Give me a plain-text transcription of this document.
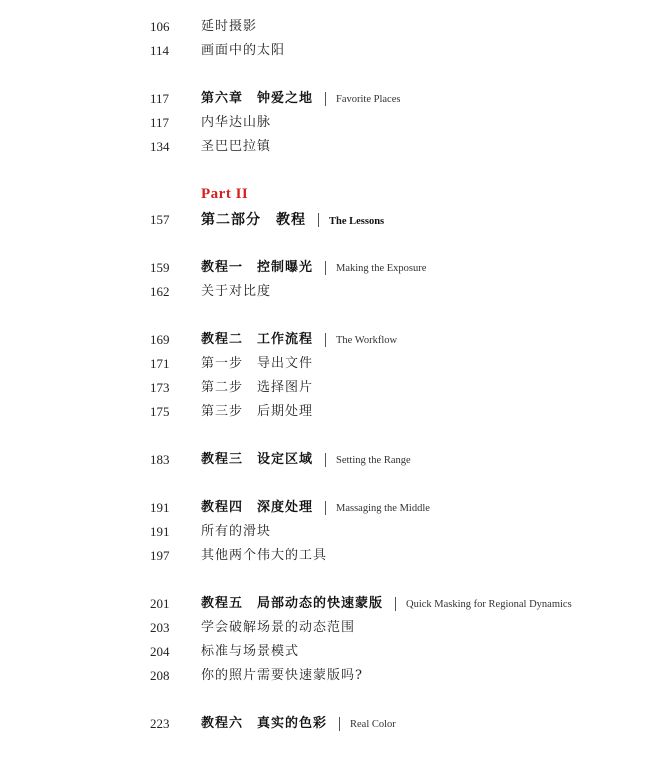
106	延时摄影
114	画面中的太阳
117	第六章　钟爱之地 Favorite Places
117	内华达山脉
134	圣巴巴拉镇
Part II
157	第二部分　教程 The Lessons
159	教程一　控制曝光 Making the Exposure
162	关于对比度
169	教程二　工作流程 The Workflow
171	第一步　导出文件
173	第二步　选择图片
175	第三步　后期处理
183	教程三　设定区域 Setting the Range
191	教程四　深度处理 Massaging the Middle
191	所有的滑块
197	其他两个伟大的工具
201	教程五　局部动态的快速蒙版 Quick Masking for Regional Dynamics
203	学会破解场景的动态范围
204	标准与场景模式
208	你的照片需要快速蒙版吗?
223	教程六　真实的色彩 Real Color
